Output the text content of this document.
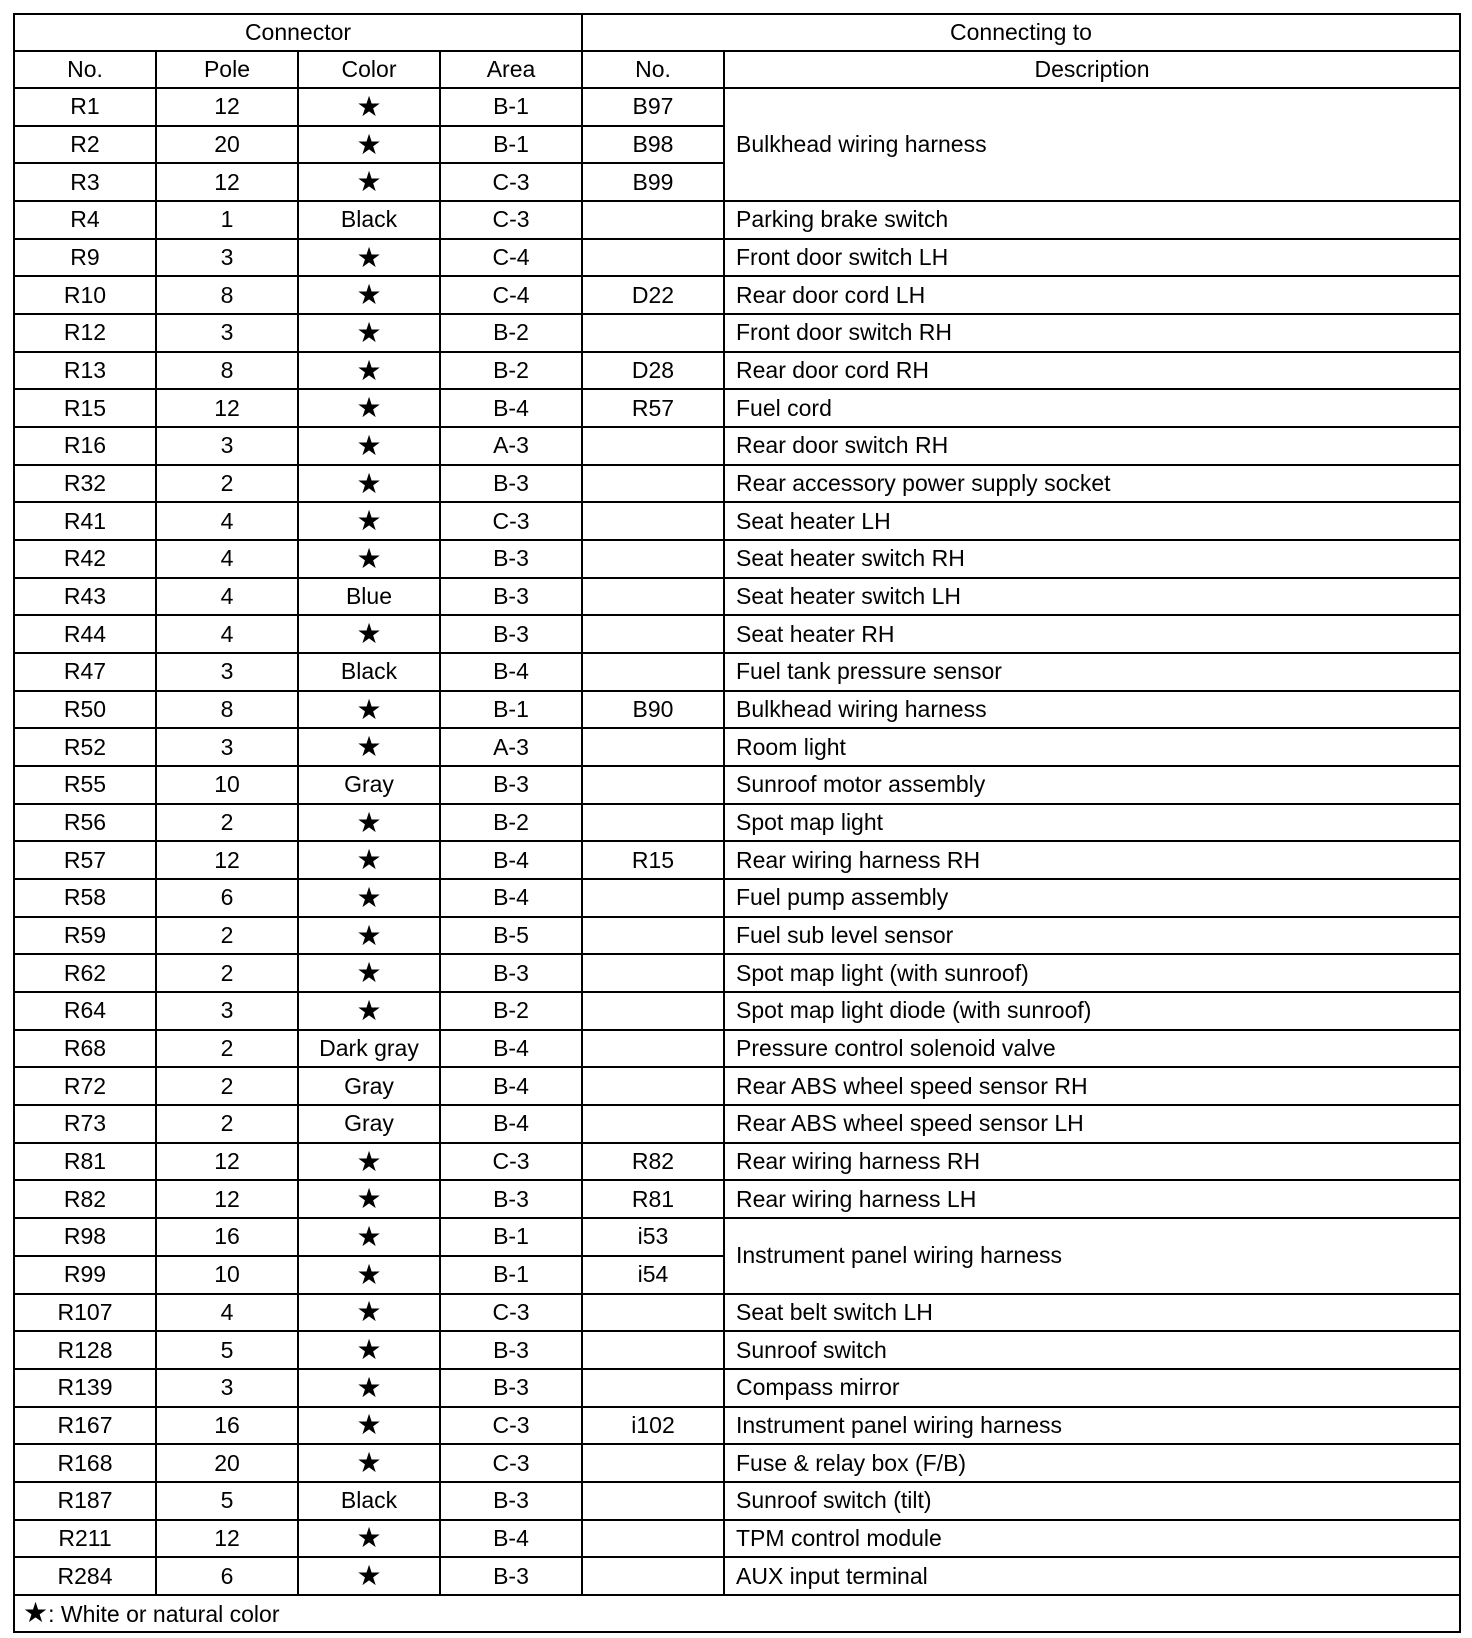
Connector				Connecting to	
No.	Pole	Color	Area	No.	Description
R1	12	★	B-1	B97	Bulkhead wiring harness
R2	20	★	B-1	B98	
R3	12	★	C-3	B99	
R4	1	Black	C-3		Parking brake switch
R9	3	★	C-4		Front door switch LH
R10	8	★	C-4	D22	Rear door cord LH
R12	3	★	B-2		Front door switch RH
R13	8	★	B-2	D28	Rear door cord RH
R15	12	★	B-4	R57	Fuel cord
R16	3	★	A-3		Rear door switch RH
R32	2	★	B-3		Rear accessory power supply socket
R41	4	★	C-3		Seat heater LH
R42	4	★	B-3		Seat heater switch RH
R43	4	Blue	B-3		Seat heater switch LH
R44	4	★	B-3		Seat heater RH
R47	3	Black	B-4		Fuel tank pressure sensor
R50	8	★	B-1	B90	Bulkhead wiring harness
R52	3	★	A-3		Room light
R55	10	Gray	B-3		Sunroof motor assembly
R56	2	★	B-2		Spot map light
R57	12	★	B-4	R15	Rear wiring harness RH
R58	6	★	B-4		Fuel pump assembly
R59	2	★	B-5		Fuel sub level sensor
R62	2	★	B-3		Spot map light (with sunroof)
R64	3	★	B-2		Spot map light diode (with sunroof)
R68	2	Dark gray	B-4		Pressure control solenoid valve
R72	2	Gray	B-4		Rear ABS wheel speed sensor RH
R73	2	Gray	B-4		Rear ABS wheel speed sensor LH
R81	12	★	C-3	R82	Rear wiring harness RH
R82	12	★	B-3	R81	Rear wiring harness LH
R98	16	★	B-1	i53	Instrument panel wiring harness
R99	10	★	B-1	i54	
R107	4	★	C-3		Seat belt switch LH
R128	5	★	B-3		Sunroof switch
R139	3	★	B-3		Compass mirror
R167	16	★	C-3	i102	Instrument panel wiring harness
R168	20	★	C-3		Fuse & relay box (F/B)
R187	5	Black	B-3		Sunroof switch (tilt)
R211	12	★	B-4		TPM control module
R284	6	★	B-3		AUX input terminal
★: White or natural color					
